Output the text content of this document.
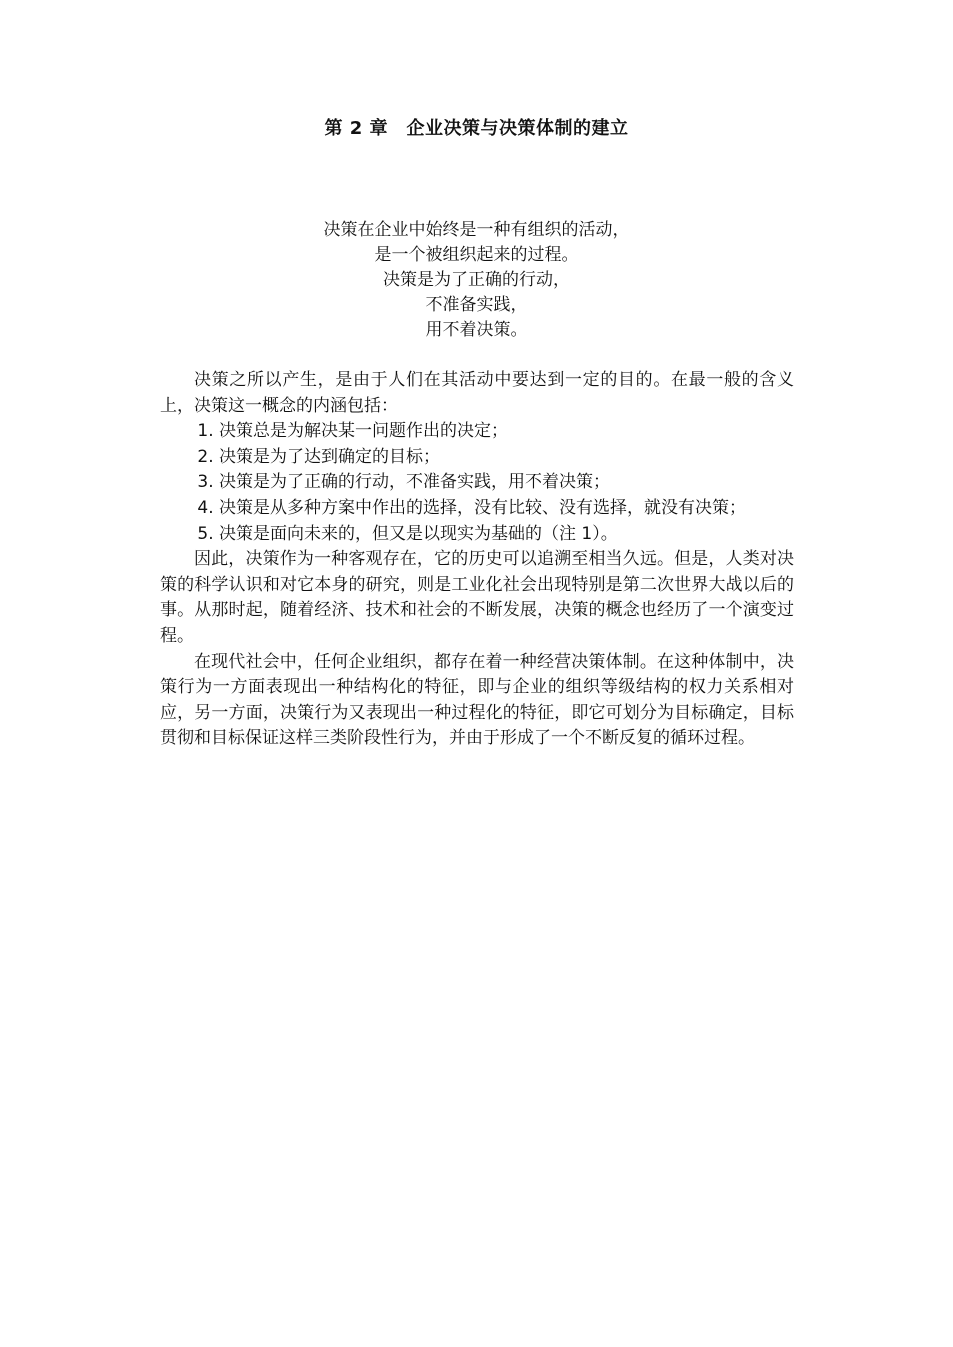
第 2 章　企业决策与决策体制的建立
决策在企业中始终是一种有组织的活动，
是一个被组织起来的过程。
决策是为了正确的行动，
不准备实践，
用不着决策。

决策之所以产生，是由于人们在其活动中要达到一定的目的。在最一般的含义上，决策这一概念的内涵包括：

1. 决策总是为解决某一问题作出的决定；
2. 决策是为了达到确定的目标；
3. 决策是为了正确的行动，不准备实践，用不着决策；
4. 决策是从多种方案中作出的选择，没有比较、没有选择，就没有决策；
5. 决策是面向未来的，但又是以现实为基础的（注 1）。

因此，决策作为一种客观存在，它的历史可以追溯至相当久远。但是，人类对决策的科学认识和对它本身的研究，则是工业化社会出现特别是第二次世界大战以后的事。从那时起，随着经济、技术和社会的不断发展，决策的概念也经历了一个演变过程。

在现代社会中，任何企业组织，都存在着一种经营决策体制。在这种体制中，决策行为一方面表现出一种结构化的特征，即与企业的组织等级结构的权力关系相对应，另一方面，决策行为又表现出一种过程化的特征，即它可划分为目标确定，目标贯彻和目标保证这样三类阶段性行为，并由于形成了一个不断反复的循环过程。
